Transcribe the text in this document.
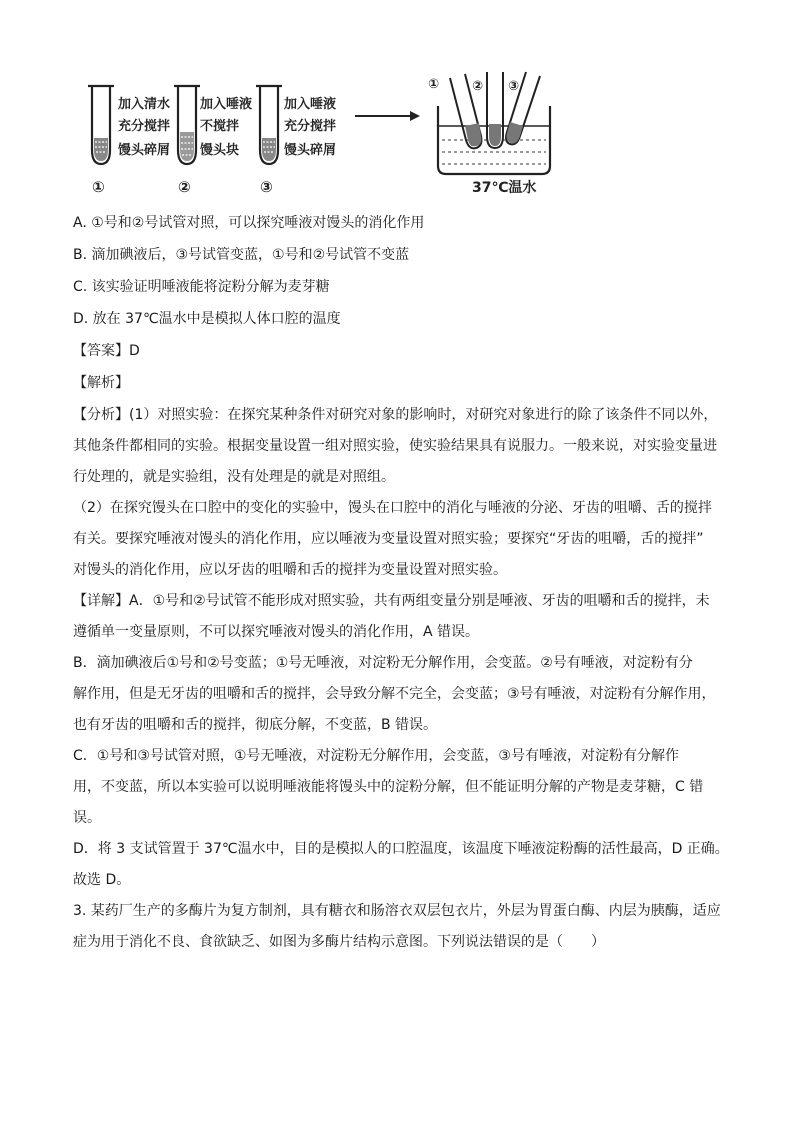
加入清水
充分搅拌
馒头碎屑
①
加入唾液
不搅拌
馒头块
②
加入唾液
充分搅拌
馒头碎屑
③
①	② ③
37℃温水
A. ①号和②号试管对照，可以探究唾液对馒头的消化作用
B. 滴加碘液后，③号试管变蓝，①号和②号试管不变蓝
C. 该实验证明唾液能将淀粉分解为麦芽糖
D. 放在 37℃温水中是模拟人体口腔的温度
【答案】D
【解析】
【分析】(1）对照实验：在探究某种条件对研究对象的影响时，对研究对象进行的除了该条件不同以外，
其他条件都相同的实验。根据变量设置一组对照实验，使实验结果具有说服力。一般来说，对实验变量进
行处理的，就是实验组，没有处理是的就是对照组。
（2）在探究馒头在口腔中的变化的实验中，馒头在口腔中的消化与唾液的分泌、牙齿的咀嚼、舌的搅拌
有关。要探究唾液对馒头的消化作用，应以唾液为变量设置对照实验；要探究“牙齿的咀嚼，舌的搅拌”
对馒头的消化作用，应以牙齿的咀嚼和舌的搅拌为变量设置对照实验。
【详解】A．①号和②号试管不能形成对照实验，共有两组变量分别是唾液、牙齿的咀嚼和舌的搅拌，未
遵循单一变量原则，不可以探究唾液对馒头的消化作用，A 错误。
B．滴加碘液后①号和②号变蓝；①号无唾液，对淀粉无分解作用，会变蓝。②号有唾液，对淀粉有分
解作用，但是无牙齿的咀嚼和舌的搅拌，会导致分解不完全，会变蓝；③号有唾液，对淀粉有分解作用，
也有牙齿的咀嚼和舌的搅拌，彻底分解，不变蓝，B 错误。
C．①号和③号试管对照，①号无唾液，对淀粉无分解作用，会变蓝，③号有唾液，对淀粉有分解作
用，不变蓝，所以本实验可以说明唾液能将馒头中的淀粉分解，但不能证明分解的产物是麦芽糖，C 错
误。
D．将 3 支试管置于 37℃温水中，目的是模拟人的口腔温度，该温度下唾液淀粉酶的活性最高，D 正确。
故选 D。
3. 某药厂生产的多酶片为复方制剂，具有糖衣和肠溶衣双层包衣片，外层为胃蛋白酶、内层为胰酶，适应
症为用于消化不良、食欲缺乏、如图为多酶片结构示意图。下列说法错误的是（　　）
